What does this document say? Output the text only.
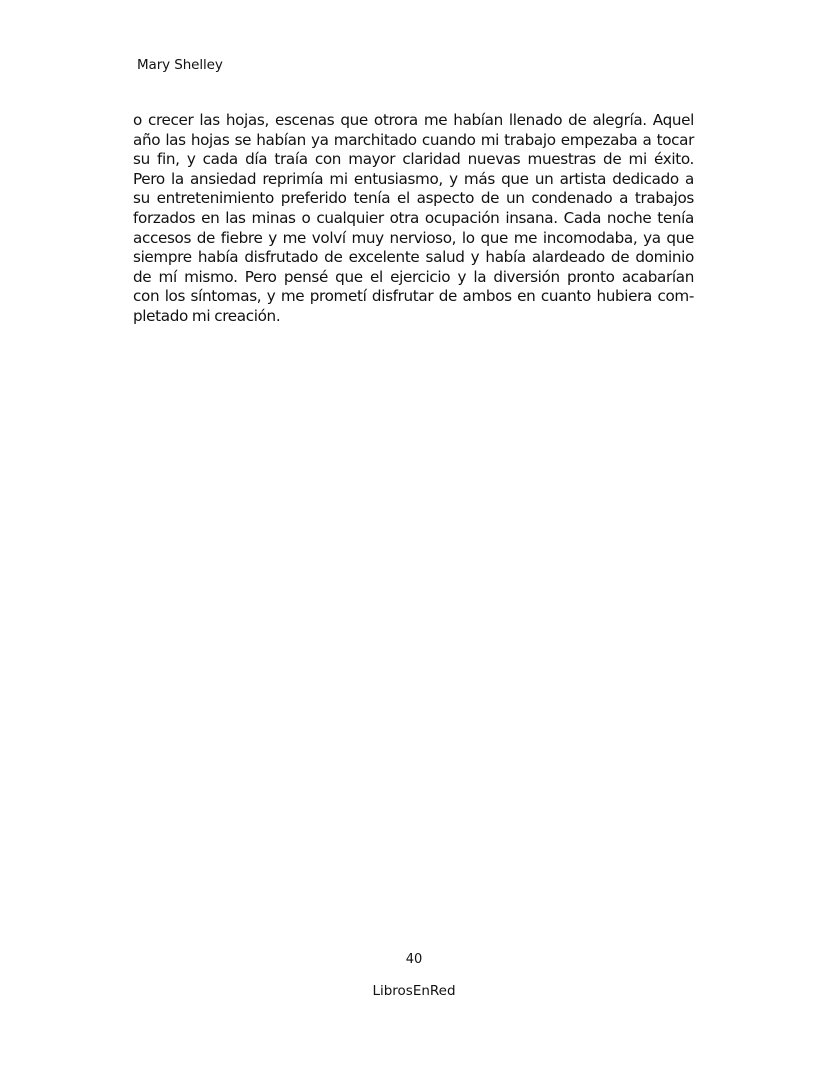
Mary Shelley
o crecer las hojas, escenas que otrora me habían llenado de alegría. Aquel
año las hojas se habían ya marchitado cuando mi trabajo empezaba a tocar
su fin, y cada día traía con mayor claridad nuevas muestras de mi éxito.
Pero la ansiedad reprimía mi entusiasmo, y más que un artista dedicado a
su entretenimiento preferido tenía el aspecto de un condenado a trabajos
forzados en las minas o cualquier otra ocupación insana. Cada noche tenía
accesos de fiebre y me volví muy nervioso, lo que me incomodaba, ya que
siempre había disfrutado de excelente salud y había alardeado de dominio
de mí mismo. Pero pensé que el ejercicio y la diversión pronto acabarían
con los síntomas, y me prometí disfrutar de ambos en cuanto hubiera com-
pletado mi creación.
40
LibrosEnRed
